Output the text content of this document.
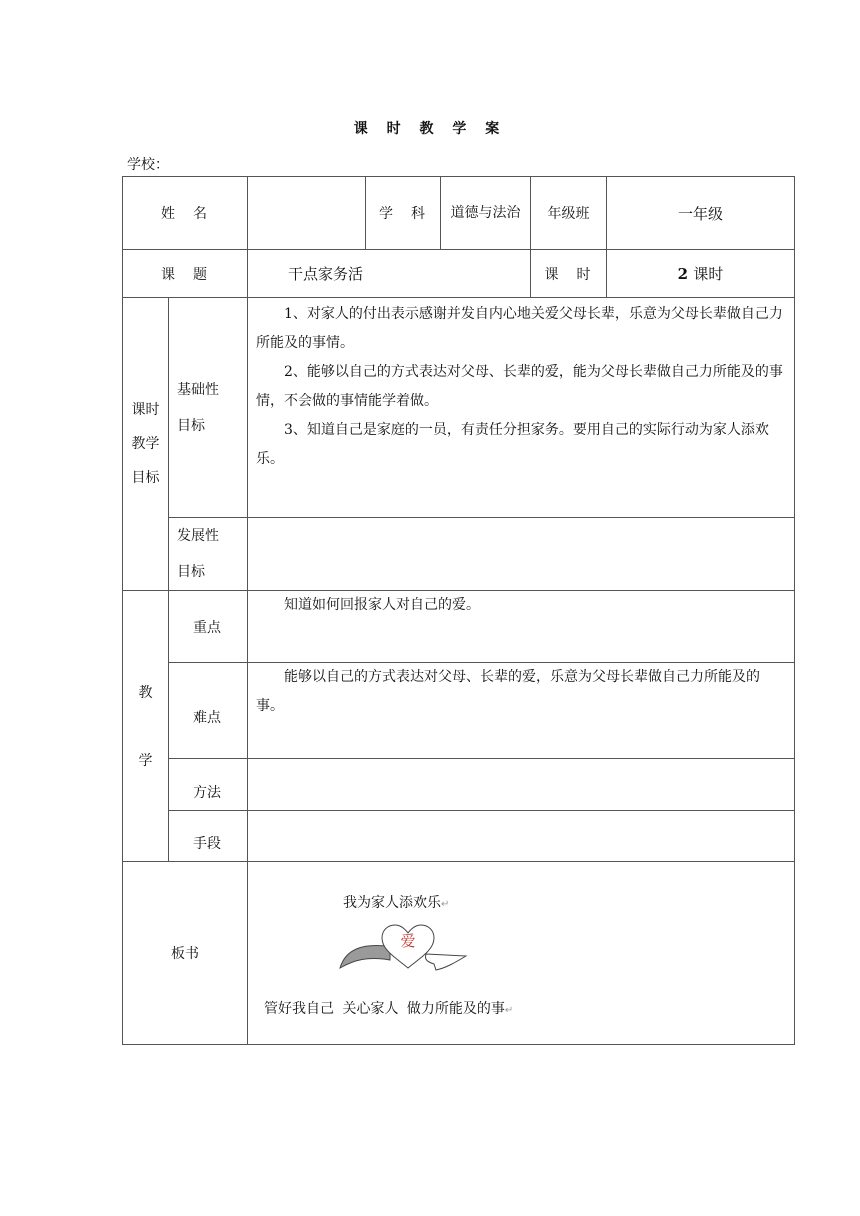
课 时 教 学 案
学校：
姓　名			学　科	道德与法治	年级班	一年级
课　题		干点家务活			课　时	2 课时
课时教学目标	基础性目标	1、对家人的付出表示感谢并发自内心地关爱父母长辈，乐意为父母长辈做自己力所能及的事情。

2、能够以自己的方式表达对父母、长辈的爱，能为父母长辈做自己力所能及的事情，不会做的事情能学着做。

3、知道自己是家庭的一员，有责任分担家务。要用自己的实际行动为家人添欢乐。				

	发展性目标					

教
学	重点	知道如何回报家人对自己的爱。				

	难点	能够以自己的方式表达对父母、长辈的爱，乐意为父母长辈做自己力所能及的事。				

	方法					
	手段					
板书		我为家人添欢乐↵
爱
管好我自己 关心家人 做力所能及的事↵				
